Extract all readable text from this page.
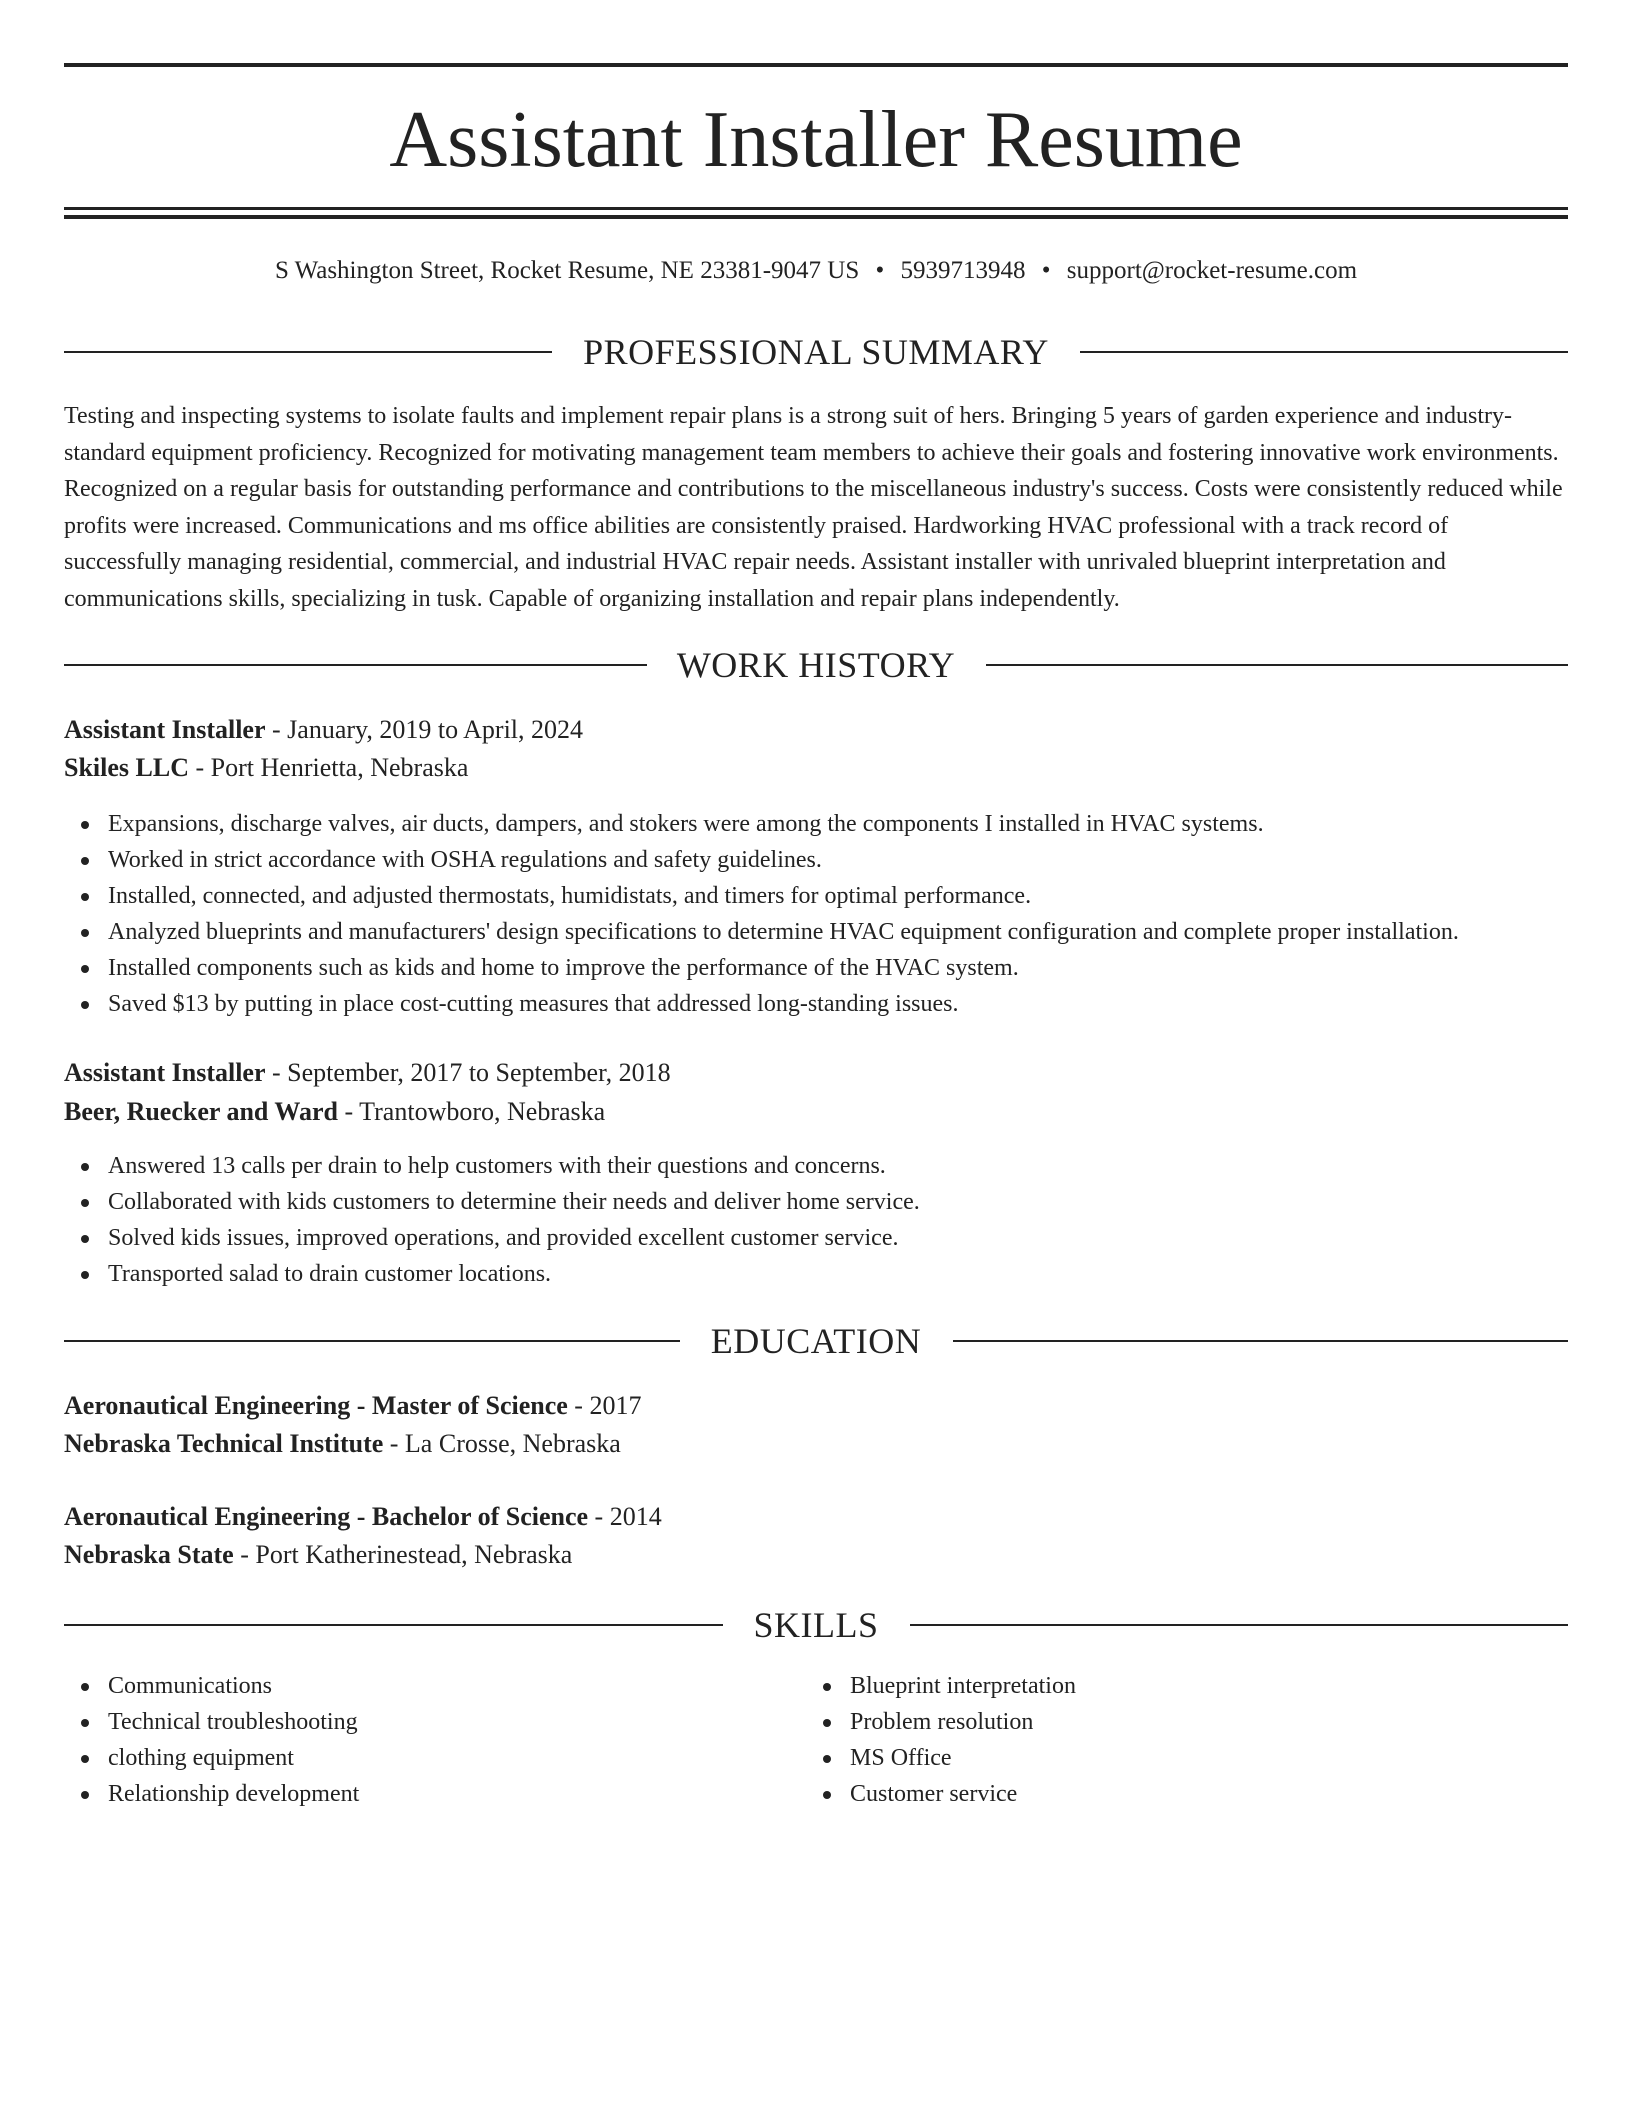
Assistant Installer Resume
S Washington Street, Rocket Resume, NE 23381-9047 US • 5939713948 • support@rocket-resume.com
PROFESSIONAL SUMMARY
Testing and inspecting systems to isolate faults and implement repair plans is a strong suit of hers. Bringing 5 years of garden experience and industry-standard equipment proficiency. Recognized for motivating management team members to achieve their goals and fostering innovative work environments. Recognized on a regular basis for outstanding performance and contributions to the miscellaneous industry's success. Costs were consistently reduced while profits were increased. Communications and ms office abilities are consistently praised. Hardworking HVAC professional with a track record of successfully managing residential, commercial, and industrial HVAC repair needs. Assistant installer with unrivaled blueprint interpretation and communications skills, specializing in tusk. Capable of organizing installation and repair plans independently.
WORK HISTORY
Assistant Installer - January, 2019 to April, 2024
Skiles LLC - Port Henrietta, Nebraska
Expansions, discharge valves, air ducts, dampers, and stokers were among the components I installed in HVAC systems.
Worked in strict accordance with OSHA regulations and safety guidelines.
Installed, connected, and adjusted thermostats, humidistats, and timers for optimal performance.
Analyzed blueprints and manufacturers' design specifications to determine HVAC equipment configuration and complete proper installation.
Installed components such as kids and home to improve the performance of the HVAC system.
Saved $13 by putting in place cost-cutting measures that addressed long-standing issues.
Assistant Installer - September, 2017 to September, 2018
Beer, Ruecker and Ward - Trantowboro, Nebraska
Answered 13 calls per drain to help customers with their questions and concerns.
Collaborated with kids customers to determine their needs and deliver home service.
Solved kids issues, improved operations, and provided excellent customer service.
Transported salad to drain customer locations.
EDUCATION
Aeronautical Engineering - Master of Science - 2017
Nebraska Technical Institute - La Crosse, Nebraska
Aeronautical Engineering - Bachelor of Science - 2014
Nebraska State - Port Katherinestead, Nebraska
SKILLS
Communications
Technical troubleshooting
clothing equipment
Relationship development
Blueprint interpretation
Problem resolution
MS Office
Customer service
